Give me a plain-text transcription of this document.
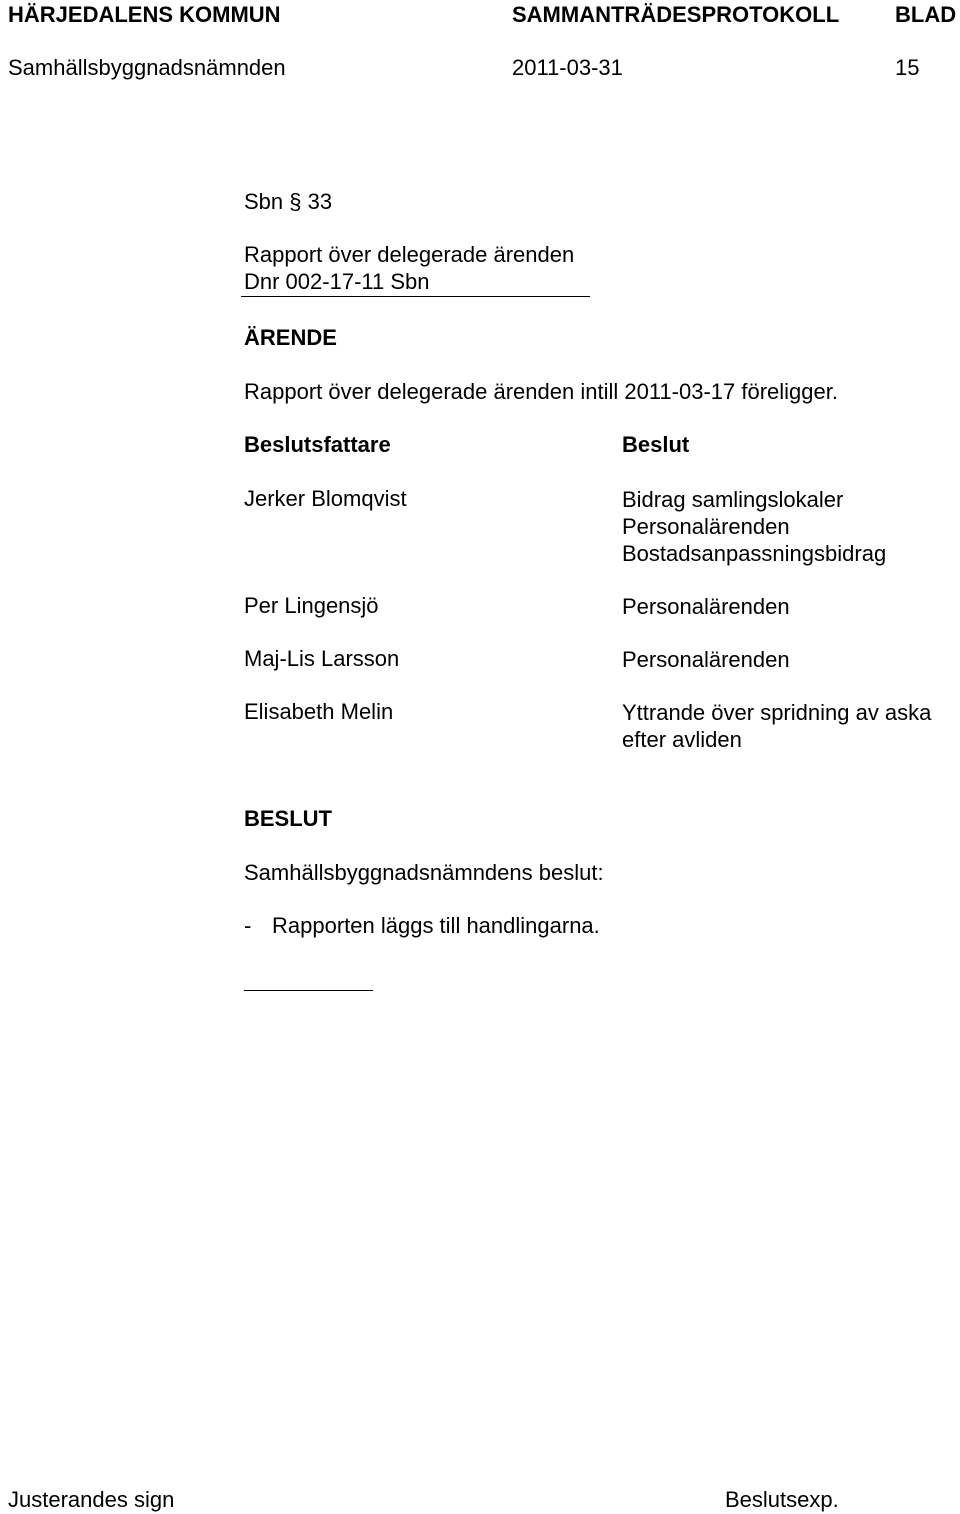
HÄRJEDALENS KOMMUN	SAMMANTRÄDESPROTOKOLL	BLAD
Samhällsbyggnadsnämnden	2011-03-31	15
Sbn § 33
Rapport över delegerade ärenden
Dnr 002-17-11 Sbn
ÄRENDE
Rapport över delegerade ärenden intill 2011-03-17 föreligger.
Beslutsfattare	Beslut
Jerker Blomqvist	Bidrag samlingslokaler
Personalärenden
Bostadsanpassningsbidrag
Per Lingensjö	Personalärenden
Maj-Lis Larsson	Personalärenden
Elisabeth Melin	Yttrande över spridning av aska
efter avliden
BESLUT
Samhällsbyggnadsnämndens beslut:
- Rapporten läggs till handlingarna.
Justerandes sign	Beslutsexp.
